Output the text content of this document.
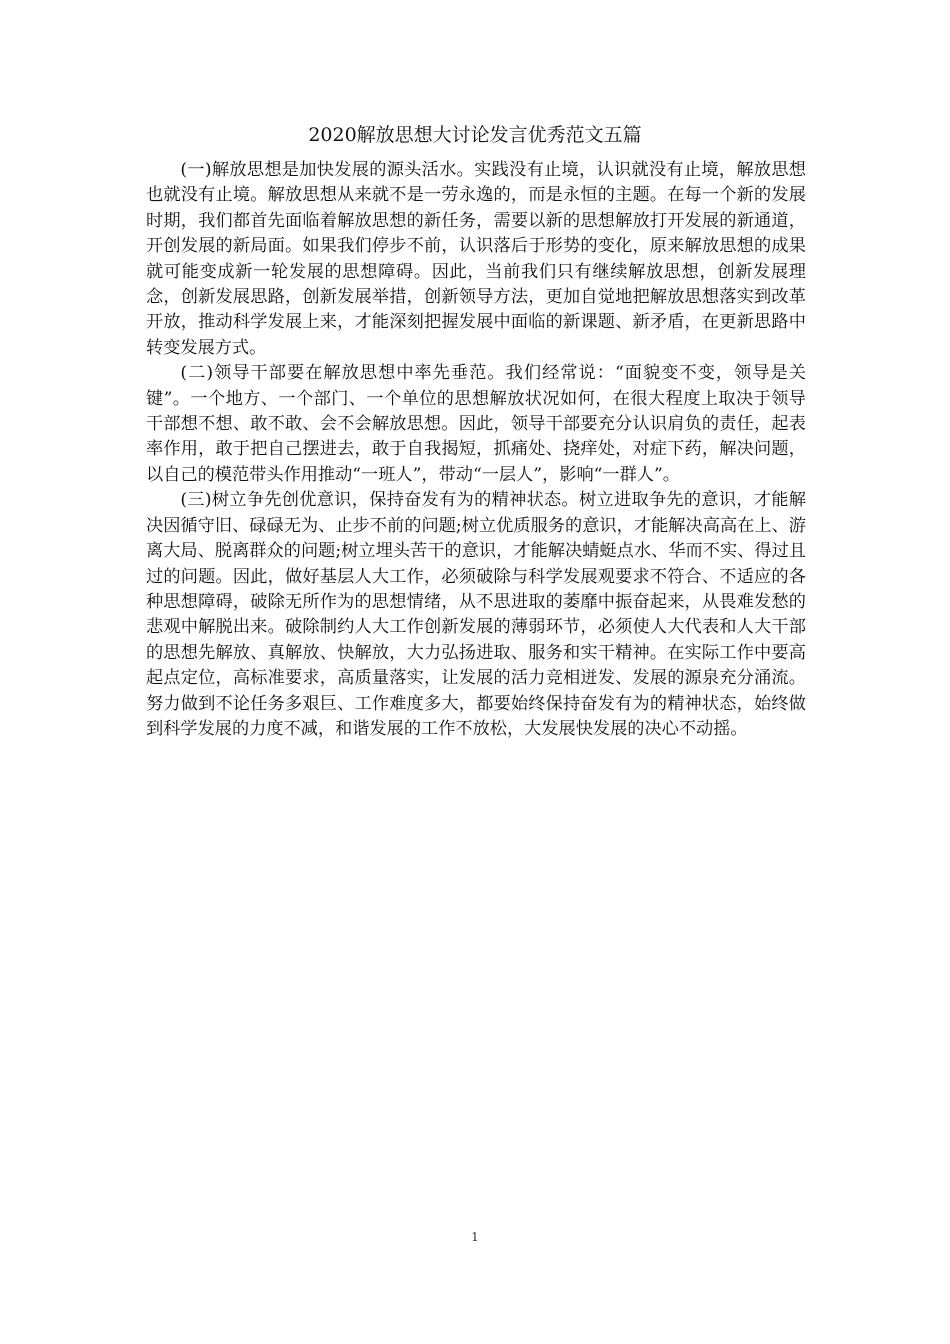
2020解放思想大讨论发言优秀范文五篇

(一)解放思想是加快发展的源头活水。实践没有止境，认识就没有止境，解放思想也就没有止境。解放思想从来就不是一劳永逸的，而是永恒的主题。在每一个新的发展时期，我们都首先面临着解放思想的新任务，需要以新的思想解放打开发展的新通道，开创发展的新局面。如果我们停步不前，认识落后于形势的变化，原来解放思想的成果就可能变成新一轮发展的思想障碍。因此，当前我们只有继续解放思想，创新发展理念，创新发展思路，创新发展举措，创新领导方法，更加自觉地把解放思想落实到改革开放，推动科学发展上来，才能深刻把握发展中面临的新课题、新矛盾，在更新思路中转变发展方式。

(二)领导干部要在解放思想中率先垂范。我们经常说：“面貌变不变，领导是关键”。一个地方、一个部门、一个单位的思想解放状况如何，在很大程度上取决于领导干部想不想、敢不敢、会不会解放思想。因此，领导干部要充分认识肩负的责任，起表率作用，敢于把自己摆进去，敢于自我揭短，抓痛处、挠痒处，对症下药，解决问题，以自己的模范带头作用推动“一班人”，带动“一层人”，影响“一群人”。

(三)树立争先创优意识，保持奋发有为的精神状态。树立进取争先的意识，才能解决因循守旧、碌碌无为、止步不前的问题;树立优质服务的意识，才能解决高高在上、游离大局、脱离群众的问题;树立埋头苦干的意识，才能解决蜻蜓点水、华而不实、得过且过的问题。因此，做好基层人大工作，必须破除与科学发展观要求不符合、不适应的各种思想障碍，破除无所作为的思想情绪，从不思进取的萎靡中振奋起来，从畏难发愁的悲观中解脱出来。破除制约人大工作创新发展的薄弱环节，必须使人大代表和人大干部的思想先解放、真解放、快解放，大力弘扬进取、服务和实干精神。在实际工作中要高起点定位，高标准要求，高质量落实，让发展的活力竞相迸发、发展的源泉充分涌流。努力做到不论任务多艰巨、工作难度多大，都要始终保持奋发有为的精神状态，始终做到科学发展的力度不减，和谐发展的工作不放松，大发展快发展的决心不动摇。

1
